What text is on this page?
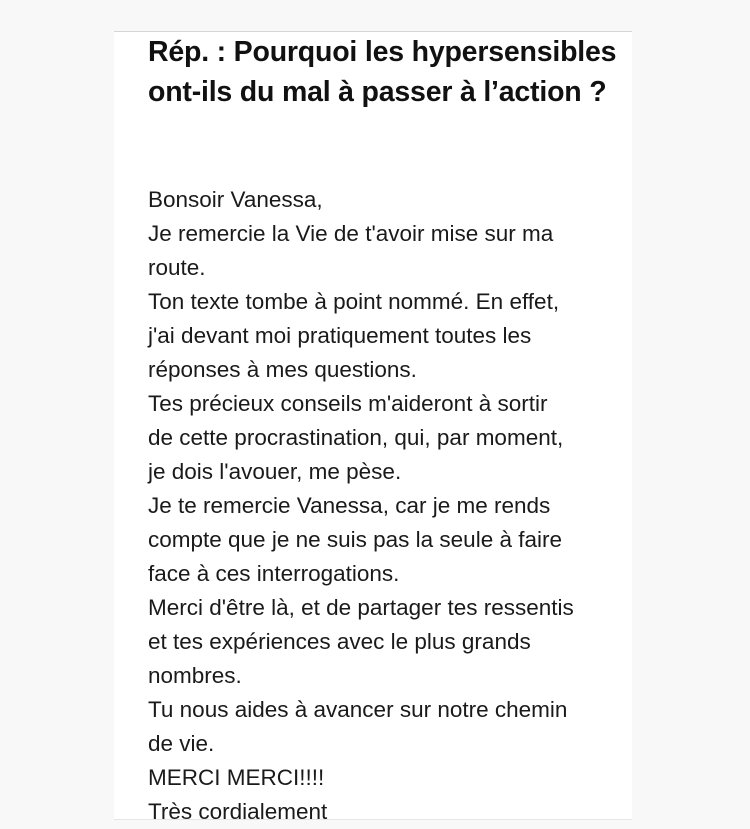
Rép. : Pourquoi les hypersensibles ont-ils du mal à passer à l’action ?
Bonsoir Vanessa,
Je remercie la Vie de t'avoir mise sur ma
route.
Ton texte tombe à point nommé. En effet,
j'ai devant moi pratiquement toutes les
réponses à mes questions.
Tes précieux conseils m'aideront à sortir
de cette procrastination, qui, par moment,
je dois l'avouer, me pèse.
Je te remercie Vanessa, car je me rends
compte que je ne suis pas la seule à faire
face à ces interrogations.
Merci d'être là, et de partager tes ressentis
et tes expériences avec le plus grands
nombres.
Tu nous aides à avancer sur notre chemin
de vie.
MERCI MERCI!!!!
Très cordialement
